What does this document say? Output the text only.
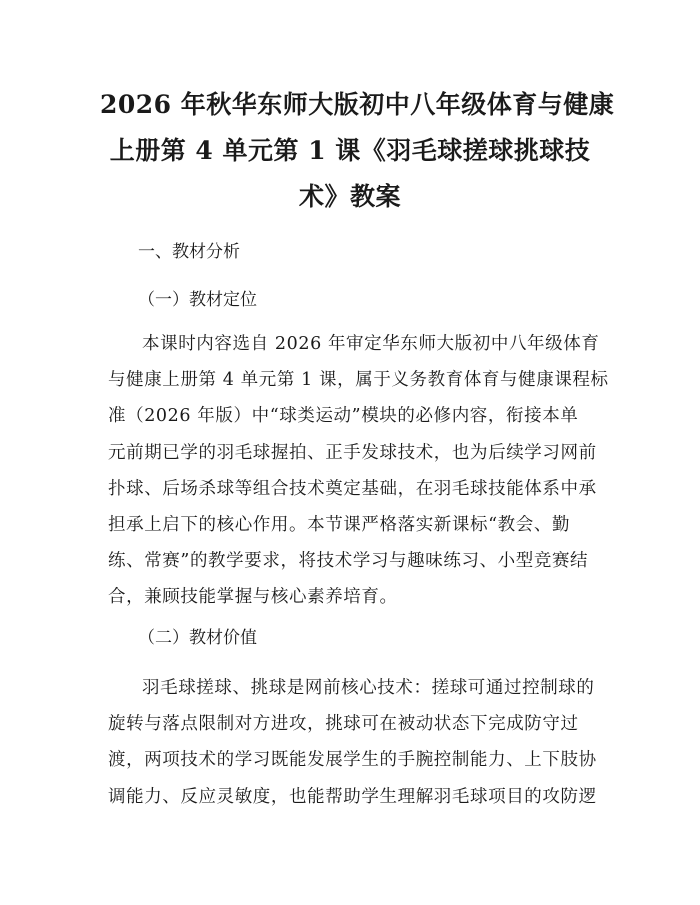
2026 年秋华东师大版初中八年级体育与健康
上册第 4 单元第 1 课《羽毛球搓球挑球技
术》教案

一、教材分析

（一）教材定位

本课时内容选自 2026 年审定华东师大版初中八年级体育
与健康上册第 4 单元第 1 课，属于义务教育体育与健康课程标
准（2026 年版）中“球类运动”模块的必修内容，衔接本单
元前期已学的羽毛球握拍、正手发球技术，也为后续学习网前
扑球、后场杀球等组合技术奠定基础，在羽毛球技能体系中承
担承上启下的核心作用。本节课严格落实新课标“教会、勤
练、常赛”的教学要求，将技术学习与趣味练习、小型竞赛结
合，兼顾技能掌握与核心素养培育。

（二）教材价值

羽毛球搓球、挑球是网前核心技术：搓球可通过控制球的
旋转与落点限制对方进攻，挑球可在被动状态下完成防守过
渡，两项技术的学习既能发展学生的手腕控制能力、上下肢协
调能力、反应灵敏度，也能帮助学生理解羽毛球项目的攻防逻
